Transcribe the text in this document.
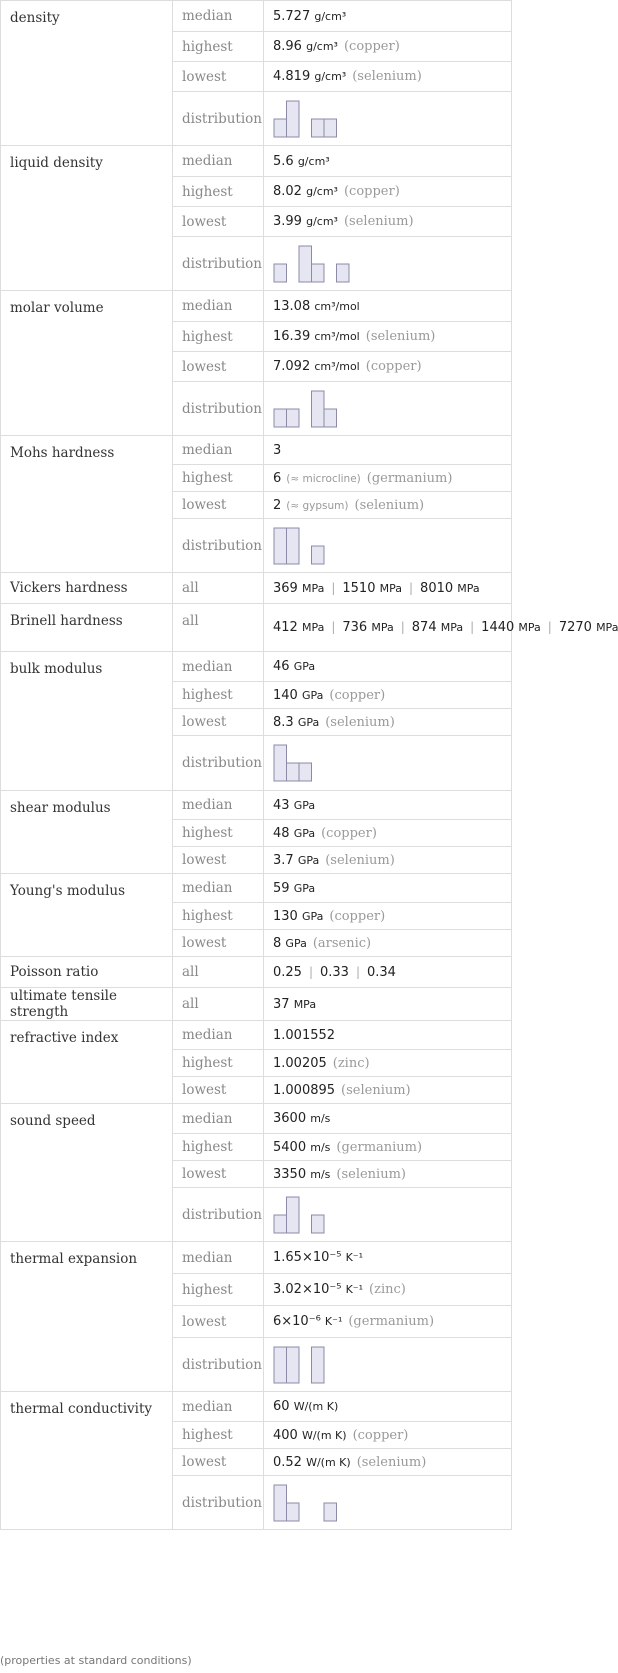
density	median	5.727 g/cm³
	highest	8.96 g/cm³ (copper)
	lowest	4.819 g/cm³ (selenium)
	distribution	

liquid density	median	5.6 g/cm³
	highest	8.02 g/cm³ (copper)
	lowest	3.99 g/cm³ (selenium)
	distribution	

molar volume	median	13.08 cm³/mol
	highest	16.39 cm³/mol (selenium)
	lowest	7.092 cm³/mol (copper)
	distribution	

Mohs hardness	median	3
	highest	6 (≈ microcline) (germanium)
	lowest	2 (≈ gypsum) (selenium)
	distribution	

Vickers hardness	all	369 MPa | 1510 MPa | 8010 MPa
Brinell hardness	all	412 MPa | 736 MPa | 874 MPa | 1440 MPa | 7270 MPa
bulk modulus	median	46 GPa
	highest	140 GPa (copper)
	lowest	8.3 GPa (selenium)
	distribution	

shear modulus	median	43 GPa
	highest	48 GPa (copper)
	lowest	3.7 GPa (selenium)
Young's modulus	median	59 GPa
	highest	130 GPa (copper)
	lowest	8 GPa (arsenic)
Poisson ratio	all	0.25 | 0.33 | 0.34
ultimate tensile strength	all	37 MPa
refractive index	median	1.001552
	highest	1.00205 (zinc)
	lowest	1.000895 (selenium)
sound speed	median	3600 m/s
	highest	5400 m/s (germanium)
	lowest	3350 m/s (selenium)
	distribution	

thermal expansion	median	1.65×10⁻⁵ K⁻¹
	highest	3.02×10⁻⁵ K⁻¹ (zinc)
	lowest	6×10⁻⁶ K⁻¹ (germanium)
	distribution	

thermal conductivity	median	60 W/(m K)
	highest	400 W/(m K) (copper)
	lowest	0.52 W/(m K) (selenium)
	distribution	
(properties at standard conditions)
